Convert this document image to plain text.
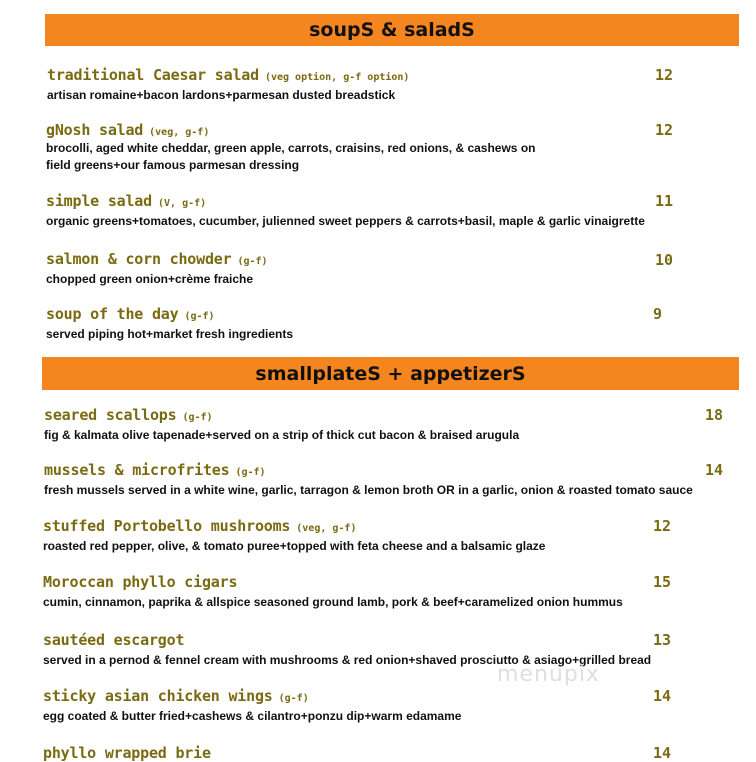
soupS & saladS
smallplateS + appetizerS
traditional Caesar salad (veg option, g-f option)
artisan romaine+bacon lardons+parmesan dusted breadstick
12
gNosh salad (veg, g-f)
brocolli, aged white cheddar, green apple, carrots, craisins, red onions, & cashews on
field greens+our famous parmesan dressing
12
simple salad (V, g-f)
organic greens+tomatoes, cucumber, julienned sweet peppers & carrots+basil, maple & garlic vinaigrette
11
salmon & corn chowder (g-f)
chopped green onion+crème fraiche
10
soup of the day (g-f)
served piping hot+market fresh ingredients
9
seared scallops (g-f)
fig & kalmata olive tapenade+served on a strip of thick cut bacon & braised arugula
18
mussels & microfrites (g-f)
fresh mussels served in a white wine, garlic, tarragon & lemon broth OR in a garlic, onion & roasted tomato sauce
14
stuffed Portobello mushrooms (veg, g-f)
roasted red pepper, olive, & tomato puree+topped with feta cheese and a balsamic glaze
12
Moroccan phyllo cigars
cumin, cinnamon, paprika & allspice seasoned ground lamb, pork & beef+caramelized onion hummus
15
sautéed escargot
served in a pernod & fennel cream with mushrooms & red onion+shaved prosciutto & asiago+grilled bread
13
sticky asian chicken wings (g-f)
egg coated & butter fried+cashews & cilantro+ponzu dip+warm edamame
14
phyllo wrapped brie	14
menupix
